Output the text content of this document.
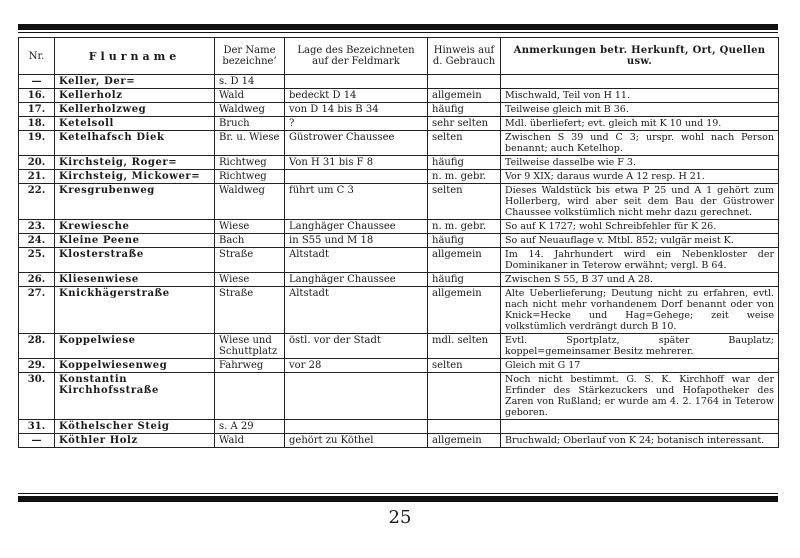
Nr.	Flurname	Der Name bezeichne’	Lage des Bezeichneten auf der Feldmark	Hinweis auf d. Gebrauch	Anmerkungen betr. Herkunft, Ort, Quellen usw.
—	Keller, Der=	s. D 14			
16.	Kellerholz	Wald	bedeckt D 14	allgemein	Mischwald, Teil von H 11.
17.	Kellerholzweg	Waldweg	von D 14 bis B 34	häufig	Teilweise gleich mit B 36.
18.	Ketelsoll	Bruch	?	sehr selten	Mdl. überliefert; evt. gleich mit K 10 und 19.
19.	Ketelhafsch Diek	Br. u. Wiese	Güstrower Chaussee	selten	Zwischen S 39 und C 3; urspr. wohl nach Person benannt; auch Ketelhop.
20.	Kirchsteig, Roger=	Richtweg	Von H 31 bis F 8	häufig	Teilweise dasselbe wie F 3.
21.	Kirchsteig, Mickower=	Richtweg		n. m. gebr.	Vor 9 XIX; daraus wurde A 12 resp. H 21.
22.	Kresgrubenweg	Waldweg	führt um C 3	selten	Dieses Waldstück bis etwa P 25 und A 1 gehört zum Hollerberg, wird aber seit dem Bau der Güstrower Chaussee volkstümlich nicht mehr dazu gerechnet.
23.	Krewiesche	Wiese	Langhäger Chaussee	n. m. gebr.	So auf K 1727; wohl Schreibfehler für K 26.
24.	Kleine Peene	Bach	in S55 und M 18	häufig	So auf Neuauflage v. Mtbl. 852; vulgär meist K.
25.	Klosterstraße	Straße	Altstadt	allgemein	Im 14. Jahrhundert wird ein Nebenkloster der Dominikaner in Teterow erwähnt; vergl. B 64.
26.	Kliesenwiese	Wiese	Langhäger Chaussee	häufig	Zwischen S 55, B 37 und A 28.
27.	Knickhägerstraße	Straße	Altstadt	allgemein	Alte Ueberlieferung; Deutung nicht zu erfahren, evtl. nach nicht mehr vorhandenem Dorf benannt oder von Knick=Hecke und Hag=Gehege; zeit weise volkstümlich verdrängt durch B 10.
28.	Koppelwiese	Wiese und Schuttplatz	östl. vor der Stadt	mdl. selten	Evtl. Sportplatz, später Bauplatz; koppel=gemeinsamer Besitz mehrerer.
29.	Koppelwiesenweg	Fahrweg	vor 28	selten	Gleich mit G 17
30.	Konstantin Kirchhofsstraße				Noch nicht bestimmt. G. S. K. Kirchhoff war der Erfinder des Stärkezuckers und Hofapotheker des Zaren von Rußland; er wurde am 4. 2. 1764 in Teterow geboren.
31.	Köthelscher Steig	s. A 29			
—	Köthler Holz	Wald	gehört zu Köthel	allgemein	Bruchwald; Oberlauf von K 24; botanisch interessant.
25
